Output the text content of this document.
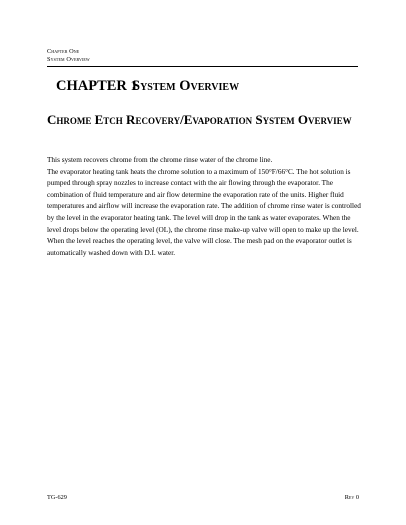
Chapter One
System Overview
CHAPTER 1System Overview
Chrome Etch Recovery/Evaporation System Overview

This system recovers chrome from the chrome rinse water of the chrome line.

The evaporator heating tank heats the chrome solution to a maximum of 150°F/66°C. The hot solution is pumped through spray nozzles to increase contact with the air flowing through the evaporator. The combination of fluid temperature and air flow determine the evaporation rate of the units. Higher fluid temperatures and airflow will increase the evaporation rate. The addition of chrome rinse water is controlled by the level in the evaporator heating tank. The level will drop in the tank as water evaporates. When the level drops below the operating level (OL), the chrome rinse make-up valve will open to make up the level. When the level reaches the operating level, the valve will close. The mesh pad on the evaporator outlet is automatically washed down with D.I. water.

TG-629	Rev 0
